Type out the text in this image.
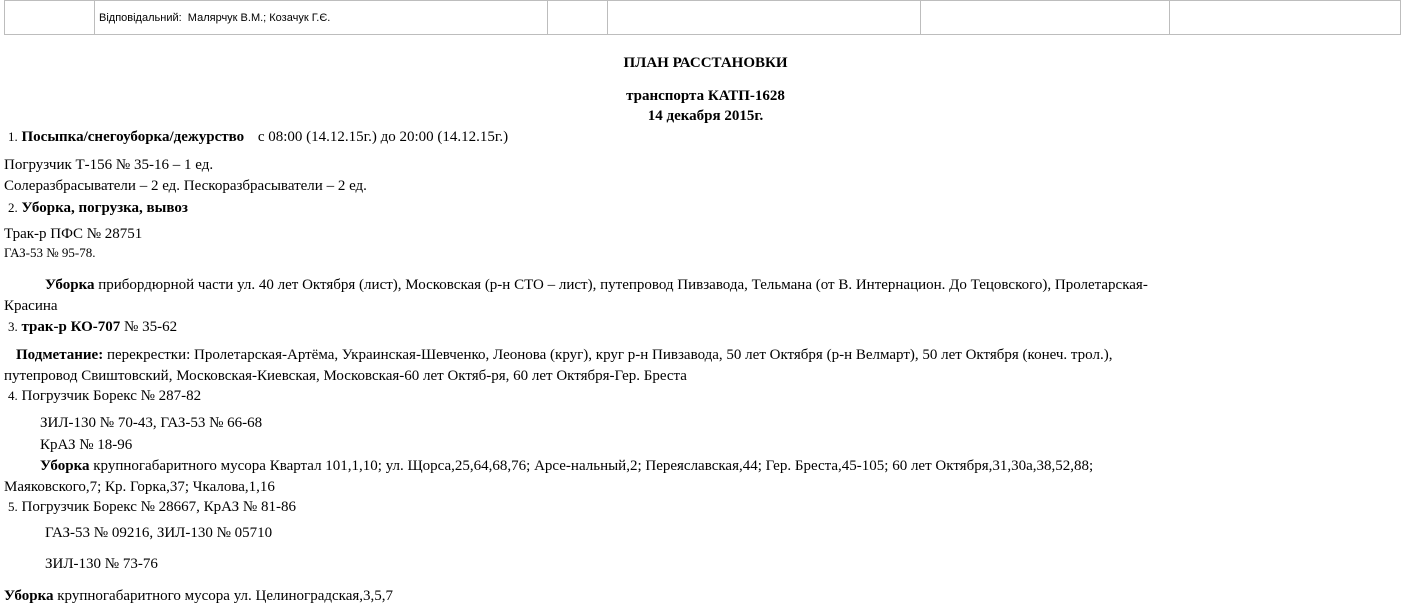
	Відповідальний: Малярчук В.М.; Козачук Г.Є.				
ПЛАН РАССТАНОВКИ
транспорта КАТП-1628
14 декабря 2015г.
1. Посыпка/снегоуборка/дежурство с 08:00 (14.12.15г.) до 20:00 (14.12.15г.)
Погрузчик Т-156 № 35-16 – 1 ед.
Солеразбрасыватели – 2 ед. Пескоразбрасыватели – 2 ед.
2. Уборка, погрузка, вывоз
Трак-р ПФС № 28751
ГАЗ-53 № 95-78.
Уборка прибордюрной части ул. 40 лет Октября (лист), Московская (р-н СТО – лист), путепровод Пивзавода, Тельмана (от В. Интернацион. До Тецовского), Пролетарская-
Красина
3. трак-р КО-707 № 35-62
Подметание: перекрестки: Пролетарская-Артёма, Украинская-Шевченко, Леонова (круг), круг р-н Пивзавода, 50 лет Октября (р-н Велмарт), 50 лет Октября (конеч. трол.),
путепровод Свиштовский, Московская-Киевская, Московская-60 лет Октяб-ря, 60 лет Октября-Гер. Бреста
4. Погрузчик Борекс № 287-82
ЗИЛ-130 № 70-43, ГАЗ-53 № 66-68
КрАЗ № 18-96
Уборка крупногабаритного мусора Квартал 101,1,10; ул. Щорса,25,64,68,76; Арсе-нальный,2; Переяславская,44; Гер. Бреста,45-105; 60 лет Октября,31,30а,38,52,88;
Маяковского,7; Кр. Горка,37; Чкалова,1,16
5. Погрузчик Борекс № 28667, КрАЗ № 81-86
ГАЗ-53 № 09216, ЗИЛ-130 № 05710
ЗИЛ-130 № 73-76
Уборка крупногабаритного мусора ул. Целиноградская,3,5,7
